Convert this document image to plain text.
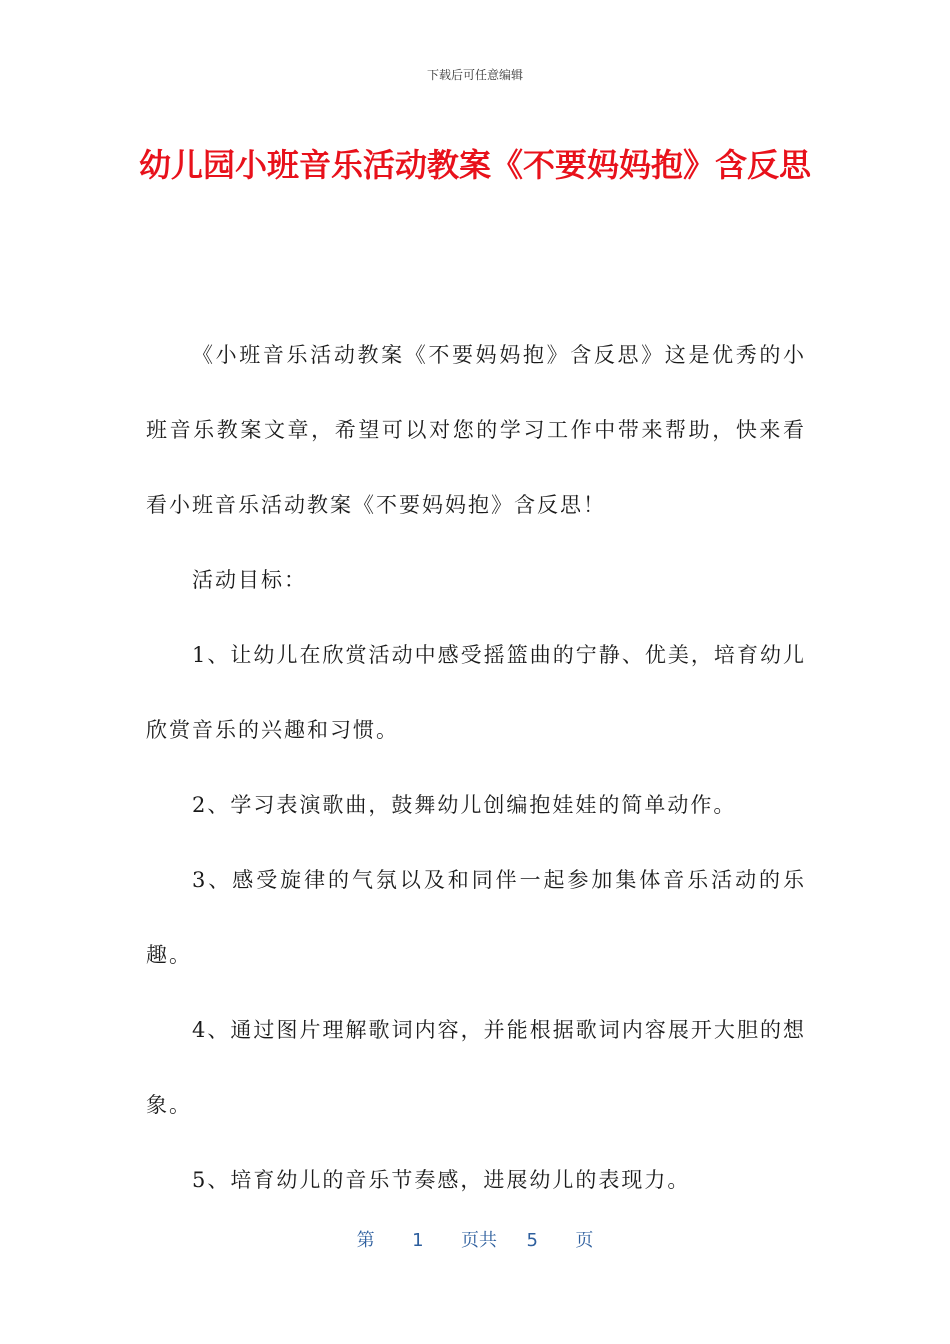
下载后可任意编辑
幼儿园小班音乐活动教案《不要妈妈抱》含反思

《小班音乐活动教案《不要妈妈抱》含反思》这是优秀的小班音乐教案文章，希望可以对您的学习工作中带来帮助，快来看看小班音乐活动教案《不要妈妈抱》含反思！

活动目标：

1、让幼儿在欣赏活动中感受摇篮曲的宁静、优美，培育幼儿欣赏音乐的兴趣和习惯。

2、学习表演歌曲，鼓舞幼儿创编抱娃娃的简单动作。

3、感受旋律的气氛以及和同伴一起参加集体音乐活动的乐趣。

4、通过图片理解歌词内容，并能根据歌词内容展开大胆的想象。

5、培育幼儿的音乐节奏感，进展幼儿的表现力。

第 1 页共 5 页
